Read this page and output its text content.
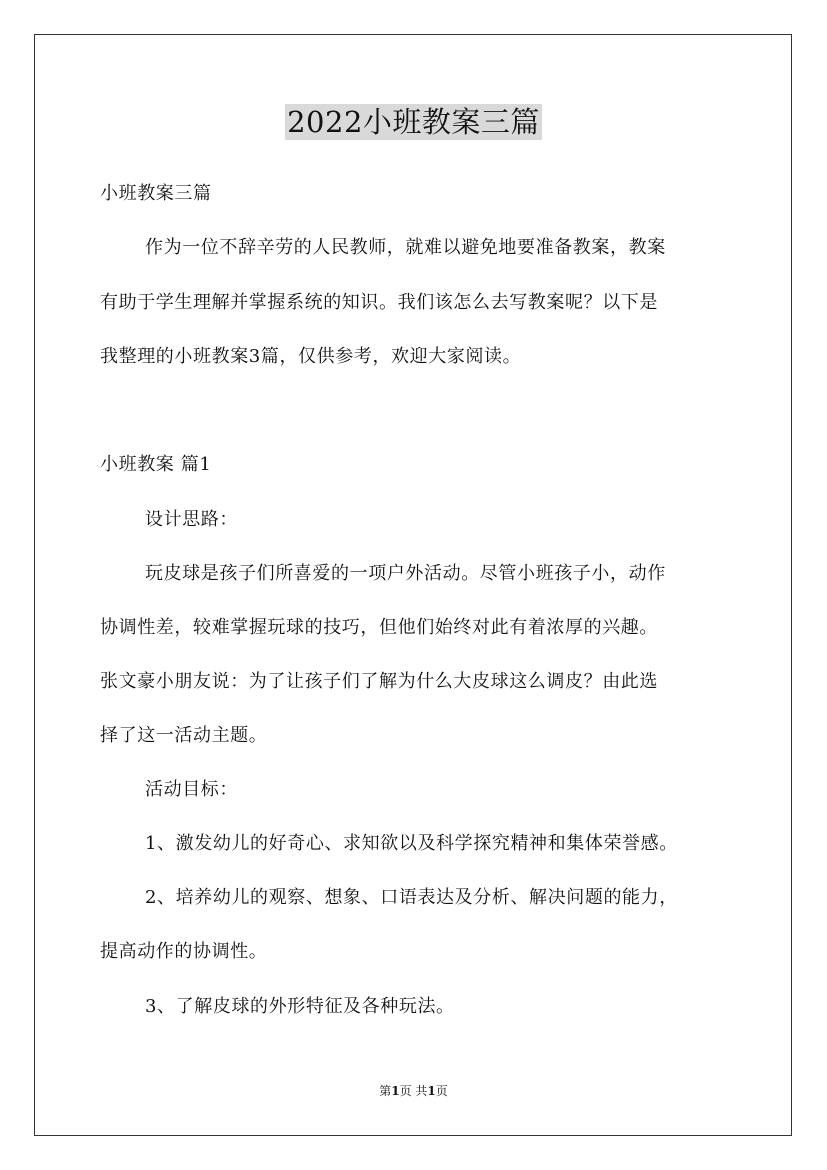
2022小班教案三篇
小班教案三篇
作为一位不辞辛劳的人民教师，就难以避免地要准备教案，教案
有助于学生理解并掌握系统的知识。我们该怎么去写教案呢？以下是
我整理的小班教案3篇，仅供参考，欢迎大家阅读。
小班教案 篇1
设计思路：
玩皮球是孩子们所喜爱的一项户外活动。尽管小班孩子小，动作
协调性差，较难掌握玩球的技巧，但他们始终对此有着浓厚的兴趣。
张文豪小朋友说：为了让孩子们了解为什么大皮球这么调皮？由此选
择了这一活动主题。
活动目标：
1、激发幼儿的好奇心、求知欲以及科学探究精神和集体荣誉感。
2、培养幼儿的观察、想象、口语表达及分析、解决问题的能力，
提高动作的协调性。
3、了解皮球的外形特征及各种玩法。
第1页 共1页
